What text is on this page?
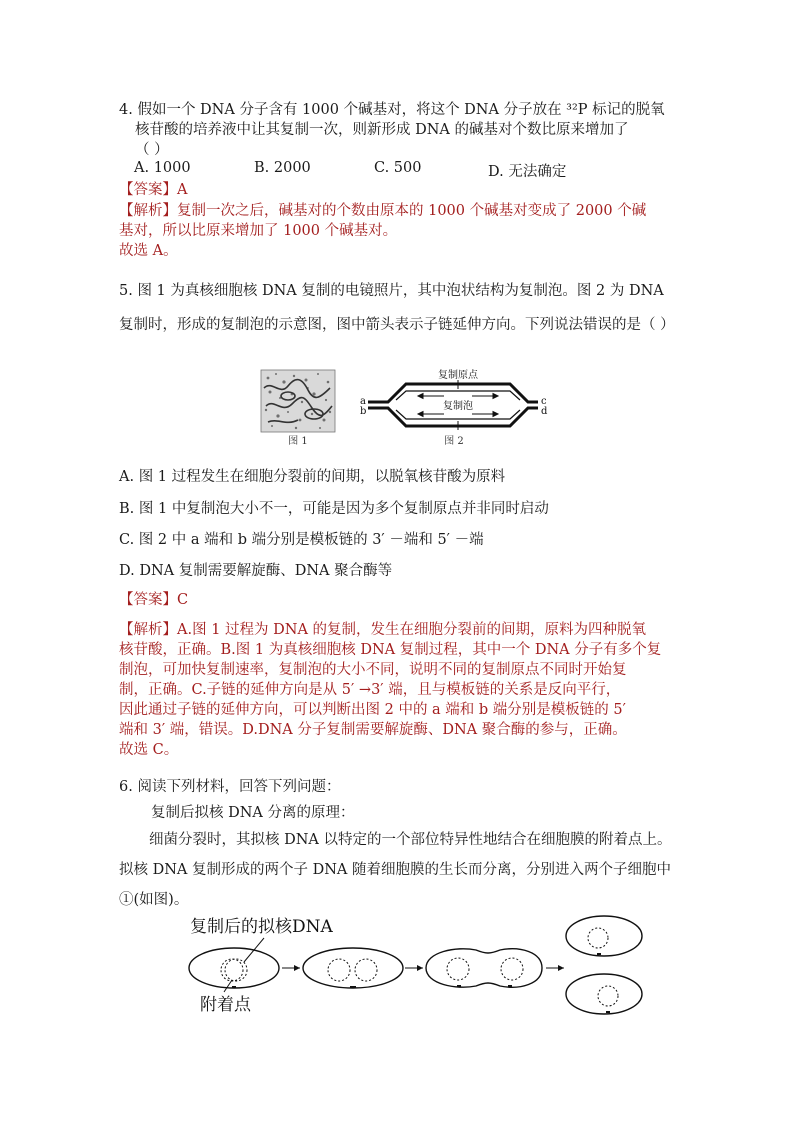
4. 假如一个 DNA 分子含有 1000 个碱基对，将这个 DNA 分子放在 ³²P 标记的脱氧
核苷酸的培养液中让其复制一次，则新形成 DNA 的碱基对个数比原来增加了
（ ）
A. 1000	B. 2000	C. 500	D. 无法确定
【答案】A
【解析】复制一次之后，碱基对的个数由原本的 1000 个碱基对变成了 2000 个碱
基对，所以比原来增加了 1000 个碱基对。
故选 A。
5. 图 1 为真核细胞核 DNA 复制的电镜照片，其中泡状结构为复制泡。图 2 为 DNA 复制时，形成的复制泡的示意图，图中箭头表示子链延伸方向。下列说法错误的是（ ）
图 1
复制原点
复制泡
a
b
c
d
图 2
A. 图 1 过程发生在细胞分裂前的间期，以脱氧核苷酸为原料
B. 图 1 中复制泡大小不一，可能是因为多个复制原点并非同时启动
C. 图 2 中 a 端和 b 端分别是模板链的 3′ －端和 5′ －端
D. DNA 复制需要解旋酶、DNA 聚合酶等
【答案】C
【解析】A.图 1 过程为 DNA 的复制，发生在细胞分裂前的间期，原料为四种脱氧
核苷酸，正确。B.图 1 为真核细胞核 DNA 复制过程，其中一个 DNA 分子有多个复
制泡，可加快复制速率，复制泡的大小不同，说明不同的复制原点不同时开始复
制，正确。C.子链的延伸方向是从 5′ →3′ 端，且与模板链的关系是反向平行，
因此通过子链的延伸方向，可以判断出图 2 中的 a 端和 b 端分别是模板链的 5′
端和 3′ 端，错误。D.DNA 分子复制需要解旋酶、DNA 聚合酶的参与，正确。
故选 C。
6. 阅读下列材料，回答下列问题：
复制后拟核 DNA 分离的原理：
细菌分裂时，其拟核 DNA 以特定的一个部位特异性地结合在细胞膜的附着点上。拟核 DNA 复制形成的两个子 DNA 随着细胞膜的生长而分离，分别进入两个子细胞中①(如图)。
复制后的拟核DNA
附着点
